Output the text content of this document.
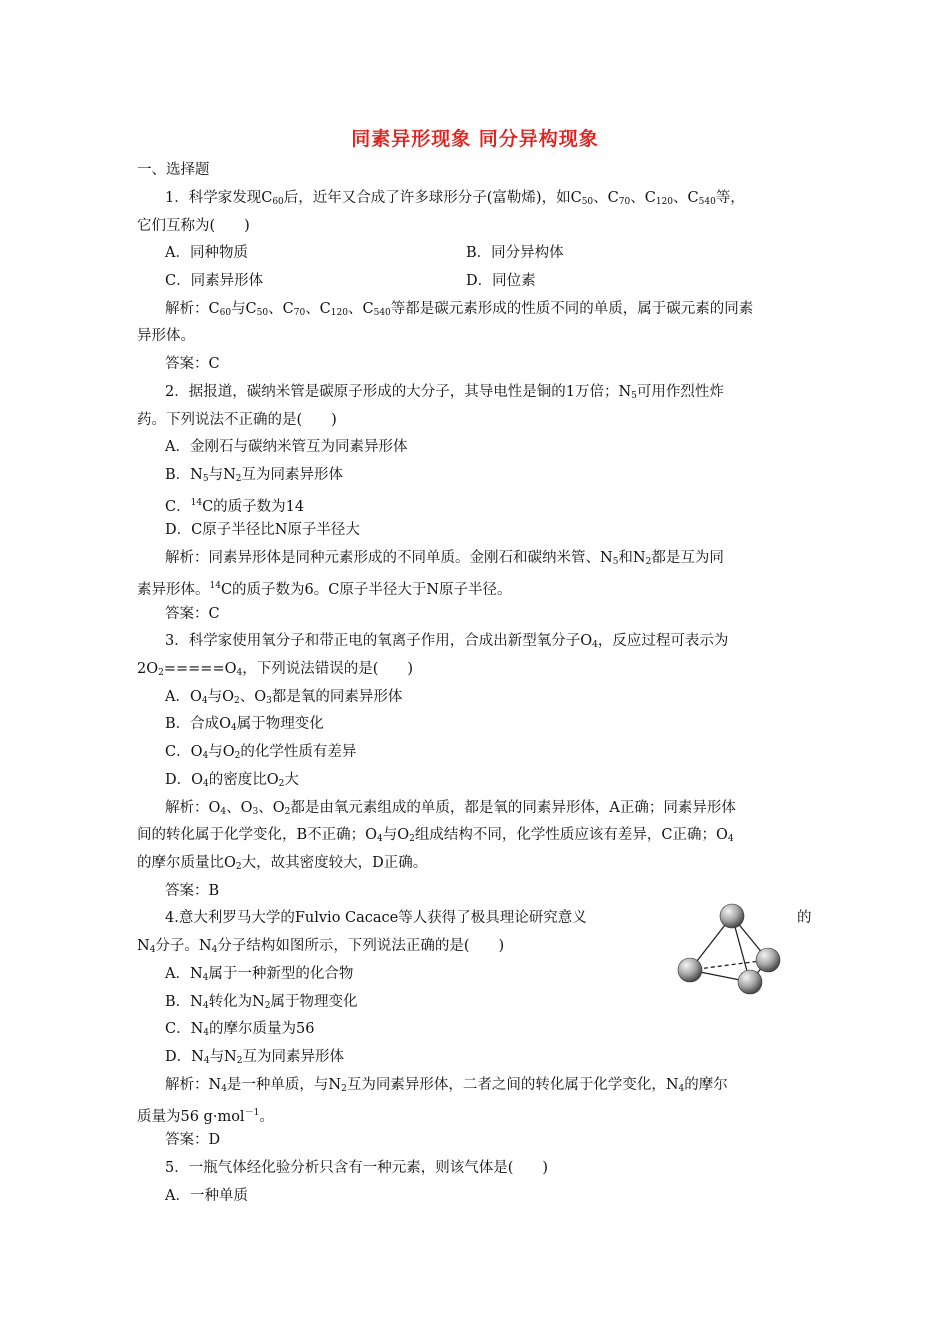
同素异形现象 同分异构现象
一、选择题
1．科学家发现$C_{60}$后，近年又合成了许多球形分子(富勒烯)，如$C_{50}$、$C_{70}$、$C_{120}$、$C_{540}$等，
它们互称为(　　)
A．同种物质	B．同分异构体
C．同素异形体	D．同位素
解析：$C_{60}$与$C_{50}$、$C_{70}$、$C_{120}$、$C_{540}$等都是碳元素形成的性质不同的单质，属于碳元素的同素
异形体。
答案：C
2．据报道，碳纳米管是碳原子形成的大分子，其导电性是铜的1万倍；$N_5$可用作烈性炸
药。下列说法不正确的是(　　)
A．金刚石与碳纳米管互为同素异形体
B．$N_5$与$N_2$互为同素异形体
C．$^{14}$C的质子数为14
D．C原子半径比N原子半径大
解析：同素异形体是同种元素形成的不同单质。金刚石和碳纳米管、$N_5$和$N_2$都是互为同
素异形体。$^{14}$C的质子数为6。C原子半径大于N原子半径。
答案：C
3．科学家使用氧分子和带正电的氧离子作用，合成出新型氧分子$O_4$，反应过程可表示为
$2O_2=====O_4$，下列说法错误的是(　　)
A．$O_4$与$O_2$、$O_3$都是氧的同素异形体
B．合成$O_4$属于物理变化
C．$O_4$与$O_2$的化学性质有差异
D．$O_4$的密度比$O_2$大
解析：$O_4$、$O_3$、$O_2$都是由氧元素组成的单质，都是氧的同素异形体，A正确；同素异形体
间的转化属于化学变化，B不正确；$O_4$与$O_2$组成结构不同，化学性质应该有差异，C正确；$O_4$
的摩尔质量比$O_2$大，故其密度较大，D正确。
答案：B
4.意大利罗马大学的Fulvio Cacace等人获得了极具理论研究意义	的
$N_4$分子。$N_4$分子结构如图所示，下列说法正确的是(　　)
A．$N_4$属于一种新型的化合物
B．$N_4$转化为$N_2$属于物理变化
C．$N_4$的摩尔质量为56
D．$N_4$与$N_2$互为同素异形体
解析：$N_4$是一种单质，与$N_2$互为同素异形体，二者之间的转化属于化学变化，$N_4$的摩尔
质量为56 g·mol$^{-1}$。
答案：D
5．一瓶气体经化验分析只含有一种元素，则该气体是(　　)
A．一种单质
